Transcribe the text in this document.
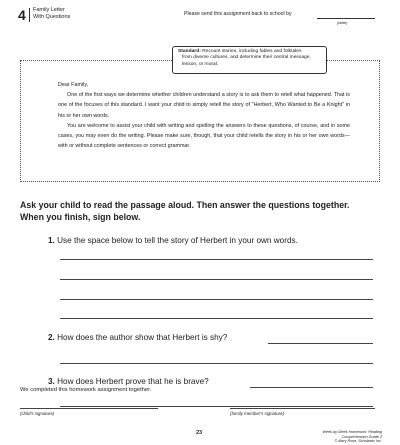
4 Family Letter
With Questions	Please send this assignment back to school by
(date)
Standard: Recount stories, including fables and folktales
from diverse cultures, and determine their central message,
lesson, or moral.

Dear Family,

One of the first ways we determine whether children understand a story is to ask them to retell what happened. That is one of the focuses of this standard. I want your child to simply retell the story of "Herbert, Who Wanted to Be a Knight" in his or her own words.

You are welcome to assist your child with writing and spelling the answers to these questions, of course, and in some cases, you may even do the writing. Please make sure, though, that your child retells the story in his or her own words—with or without complete sentences or correct grammar.

Ask your child to read the passage aloud. Then answer the questions together. When you finish, sign below.
1. Use the space below to tell the story of Herbert in your own words.
2. How does the author show that Herbert is shy?
3. How does Herbert prove that he is brave?
We completed this homework assignment together.
(child's signature)	(family member's signature)
23	Week-by-Week Homework: Reading Comprehension Grade 2
© Mary Rose, Scholastic Inc.
